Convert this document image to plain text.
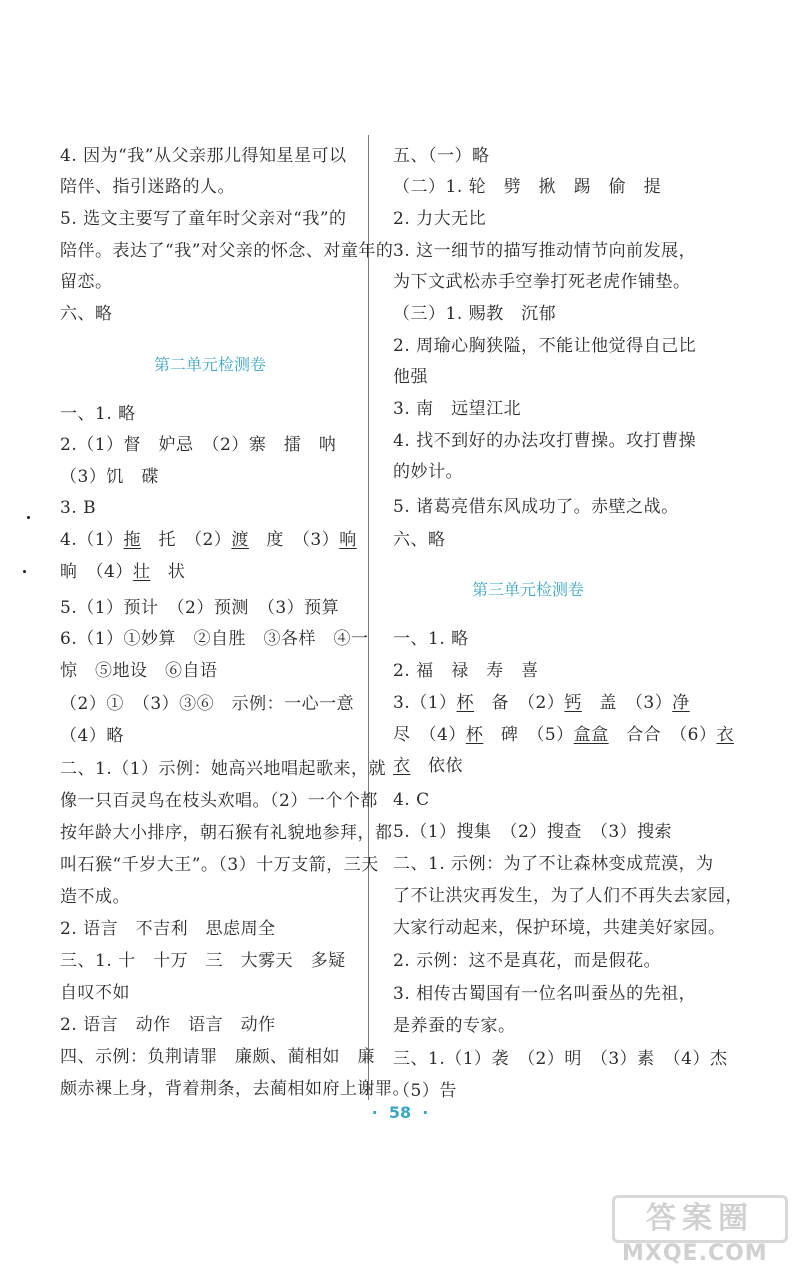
4. 因为“我”从父亲那儿得知星星可以
陪伴、指引迷路的人。
5. 选文主要写了童年时父亲对“我”的
陪伴。表达了“我”对父亲的怀念、对童年的
留恋。
六、略
第二单元检测卷
一、1. 略
2.（1）督　妒忌　（2）寨　擂　呐
（3）饥　碟
3. B
4.（1）拖　托　（2）渡　度　（3）响
晌　（4）壮　状
5.（1）预计　（2）预测　（3）预算
6.（1）①妙算　②自胜　③各样　④一
惊　⑤地设　⑥自语
（2）①　（3）③⑥　示例：一心一意
（4）略
二、1.（1）示例：她高兴地唱起歌来，就
像一只百灵鸟在枝头欢唱。（2）一个个都
按年龄大小排序，朝石猴有礼貌地参拜，都
叫石猴“千岁大王”。（3）十万支箭，三天
造不成。
2. 语言　不吉利　思虑周全
三、1. 十　十万　三　大雾天　多疑
自叹不如
2. 语言　动作　语言　动作
四、示例：负荆请罪　廉颇、蔺相如　廉
颇赤裸上身，背着荆条，去蔺相如府上谢罪。
五、（一）略
（二）1. 轮　劈　揪　踢　偷　提
2. 力大无比
3. 这一细节的描写推动情节向前发展，
为下文武松赤手空拳打死老虎作铺垫。
（三）1. 赐教　沉郁
2. 周瑜心胸狭隘，不能让他觉得自己比
他强
3. 南　远望江北
4. 找不到好的办法攻打曹操。攻打曹操
的妙计。
5. 诸葛亮借东风成功了。赤壁之战。
六、略
第三单元检测卷
一、1. 略
2. 福　禄　寿　喜
3.（1）杯　备　（2）钙　盖　（3）净
尽　（4）杯　碑　（5）盒盒　合合　（6）衣
衣　依依
4. C
5.（1）搜集　（2）搜查　（3）搜索
二、1. 示例：为了不让森林变成荒漠，为
了不让洪灾再发生，为了人们不再失去家园，
大家行动起来，保护环境，共建美好家园。
2. 示例：这不是真花，而是假花。
3. 相传古蜀国有一位名叫蚕丛的先祖，
是养蚕的专家。
三、1.（1）袭　（2）明　（3）素　（4）杰
（5）告
· 58 ·
答案圈
MXQE.COM
